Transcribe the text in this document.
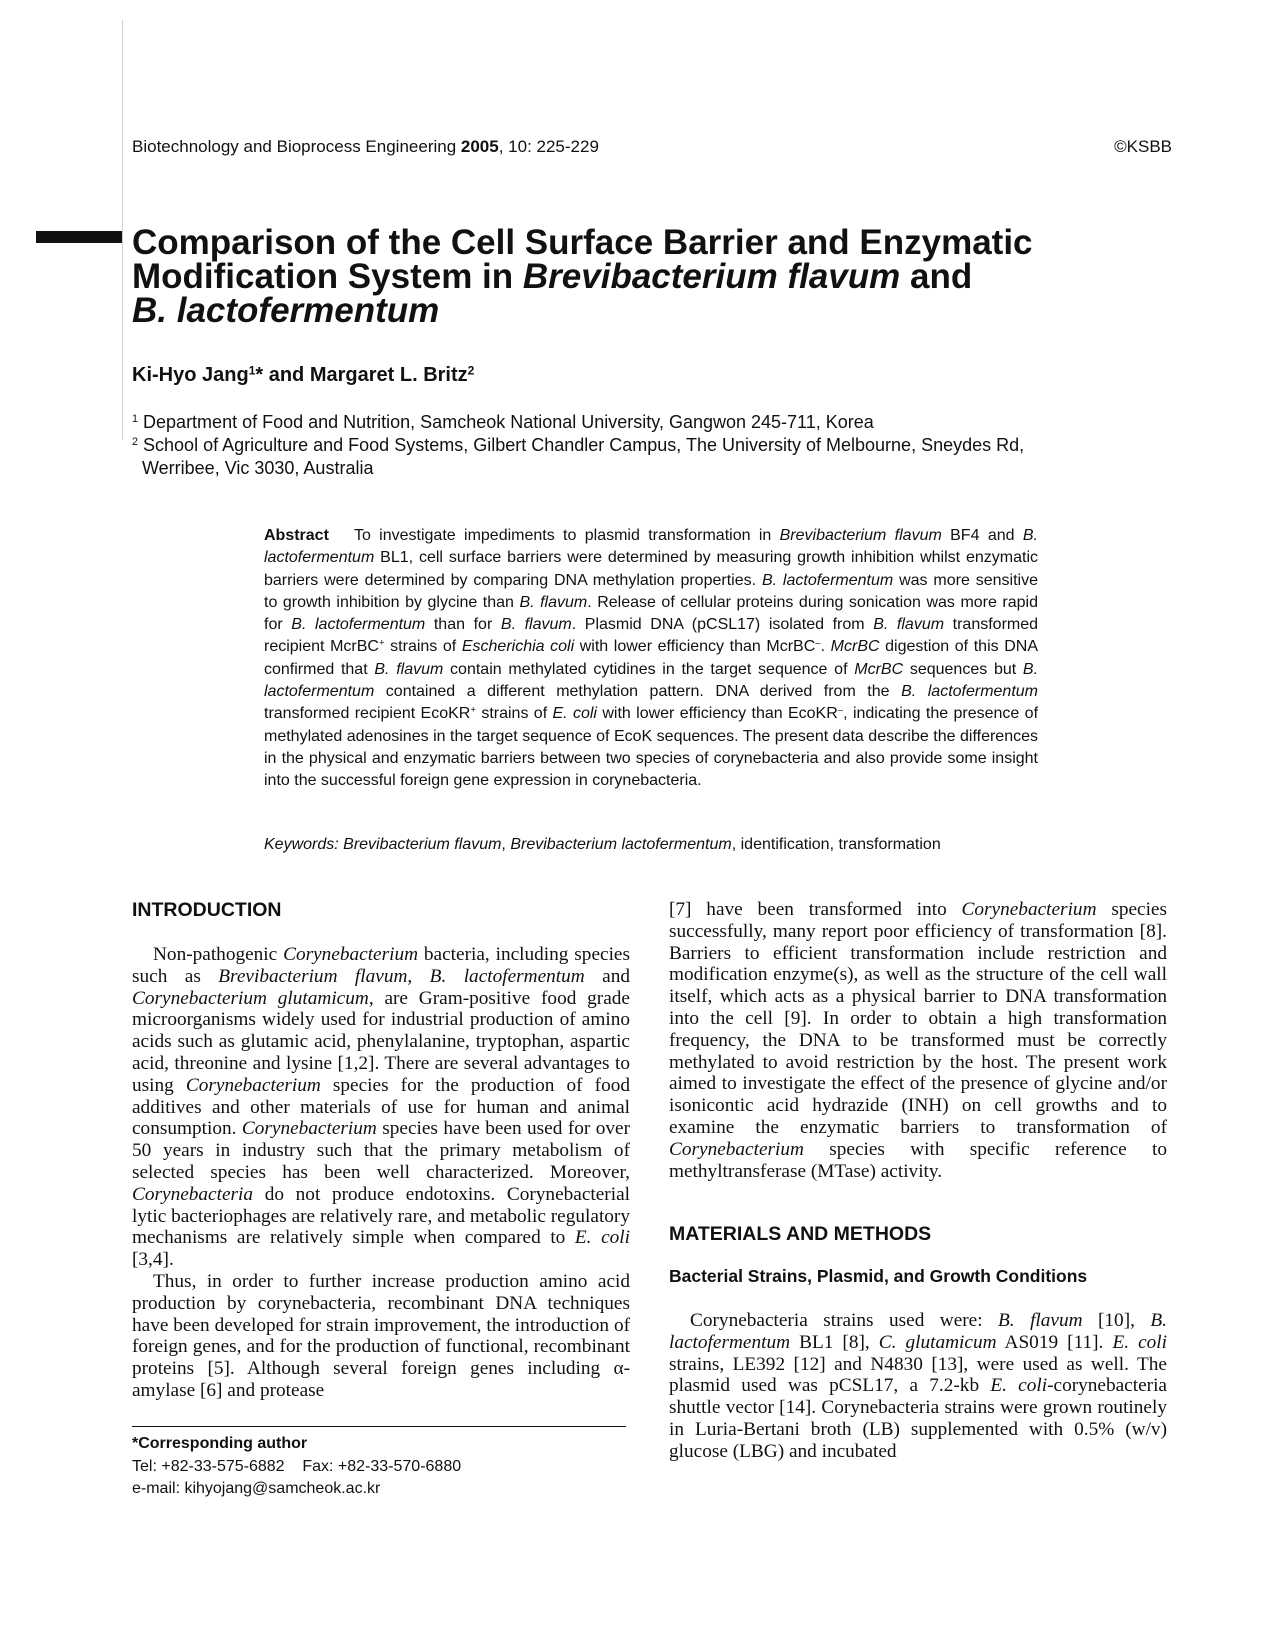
Biotechnology and Bioprocess Engineering 2005, 10: 225-229	©KSBB
Comparison of the Cell Surface Barrier and Enzymatic
Modification System in Brevibacterium flavum and
B. lactofermentum
Ki-Hyo Jang$^1$* and Margaret L. Britz$^2$
$^1$ Department of Food and Nutrition, Samcheok National University, Gangwon 245-711, Korea
$^2$ School of Agriculture and Food Systems, Gilbert Chandler Campus, The University of Melbourne, Sneydes Rd,
Werribee, Vic 3030, Australia
Abstract To investigate impediments to plasmid transformation in Brevibacterium flavum BF4 and B. lactofermentum BL1, cell surface barriers were determined by measuring growth inhibition whilst enzymatic barriers were determined by comparing DNA methylation properties. B. lactofermentum was more sensitive to growth inhibition by glycine than B. flavum. Release of cellular proteins during sonication was more rapid for B. lactofermentum than for B. flavum. Plasmid DNA (pCSL17) isolated from B. flavum transformed recipient McrBC+ strains of Escherichia coli with lower efficiency than McrBC–. McrBC digestion of this DNA confirmed that B. flavum contain methylated cytidines in the target sequence of McrBC sequences but B. lactofermentum contained a different methylation pattern. DNA derived from the B. lactofermentum transformed recipient EcoKR+ strains of E. coli with lower efficiency than EcoKR–, indicating the presence of methylated adenosines in the target sequence of EcoK sequences. The present data describe the differences in the physical and enzymatic barriers between two species of corynebacteria and also provide some insight into the successful foreign gene expression in corynebacteria.
Keywords: Brevibacterium flavum, Brevibacterium lactofermentum, identification, transformation
INTRODUCTION

Non-pathogenic Corynebacterium bacteria, including species such as Brevibacterium flavum, B. lactofermentum and Corynebacterium glutamicum, are Gram-positive food grade microorganisms widely used for industrial production of amino acids such as glutamic acid, phenylalanine, tryptophan, aspartic acid, threonine and lysine [1,2]. There are several advantages to using Corynebacterium species for the production of food additives and other materials of use for human and animal consumption. Corynebacterium species have been used for over 50 years in industry such that the primary metabolism of selected species has been well characterized. Moreover, Corynebacteria do not produce endotoxins. Corynebacterial lytic bacteriophages are relatively rare, and metabolic regulatory mechanisms are relatively simple when compared to E. coli [3,4].

Thus, in order to further increase production amino acid production by corynebacteria, recombinant DNA techniques have been developed for strain improvement, the introduction of foreign genes, and for the production of functional, recombinant proteins [5]. Although several foreign genes including α-amylase [6] and protease

*Corresponding author
Tel: +82-33-575-6882 Fax: +82-33-570-6880
e-mail: kihyojang@samcheok.ac.kr

[7] have been transformed into Corynebacterium species successfully, many report poor efficiency of transformation [8]. Barriers to efficient transformation include restriction and modification enzyme(s), as well as the structure of the cell wall itself, which acts as a physical barrier to DNA transformation into the cell [9]. In order to obtain a high transformation frequency, the DNA to be transformed must be correctly methylated to avoid restriction by the host. The present work aimed to investigate the effect of the presence of glycine and/or isonicontic acid hydrazide (INH) on cell growths and to examine the enzymatic barriers to transformation of Corynebacterium species with specific reference to methyltransferase (MTase) activity.

MATERIALS AND METHODS
Bacterial Strains, Plasmid, and Growth Conditions

Corynebacteria strains used were: B. flavum [10], B. lactofermentum BL1 [8], C. glutamicum AS019 [11]. E. coli strains, LE392 [12] and N4830 [13], were used as well. The plasmid used was pCSL17, a 7.2-kb E. coli-corynebacteria shuttle vector [14]. Corynebacteria strains were grown routinely in Luria-Bertani broth (LB) supplemented with 0.5% (w/v) glucose (LBG) and incubated
